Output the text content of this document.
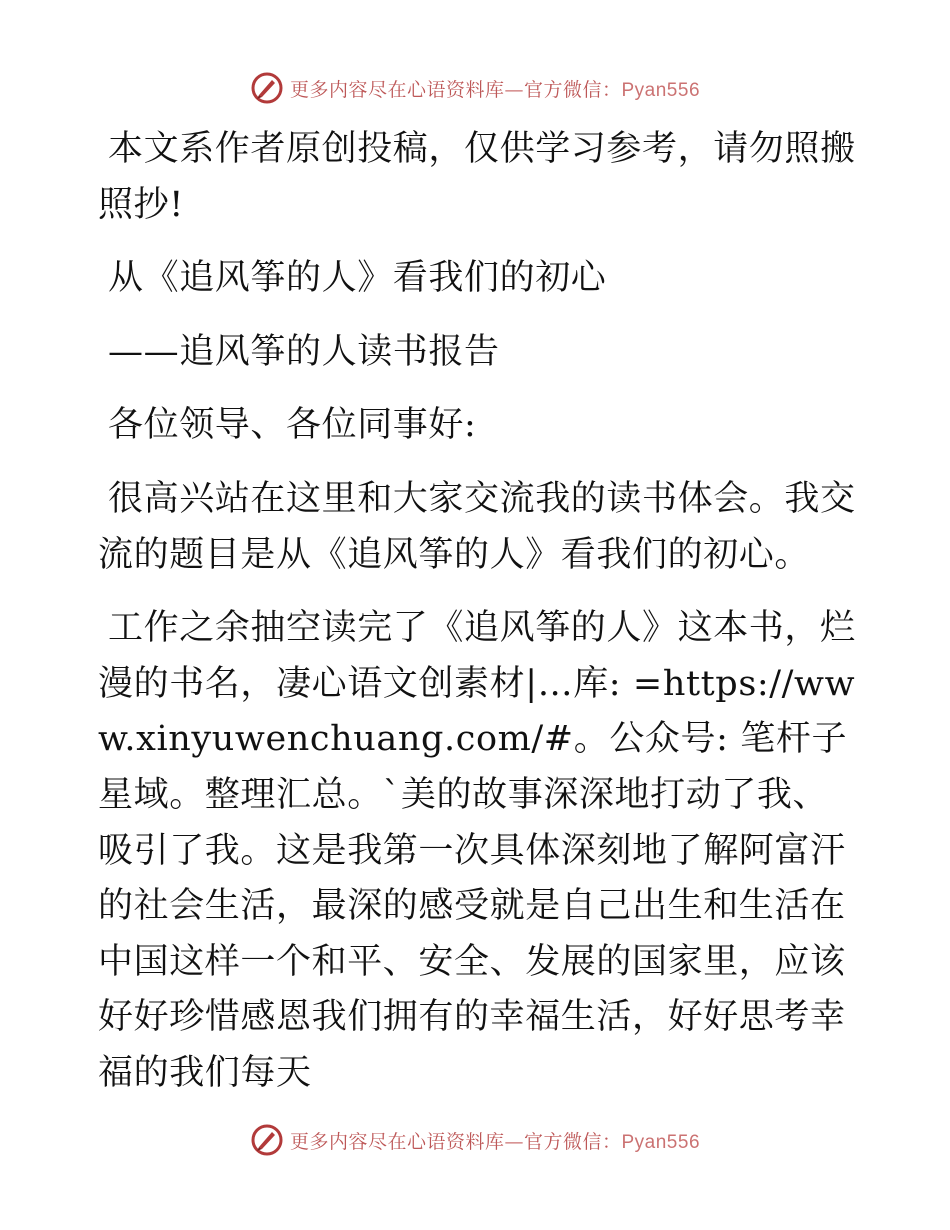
更多内容尽在心语资料库—官方微信：Pyan556

本文系作者原创投稿，仅供学习参考，请勿照搬照抄!

从《追风筝的人》看我们的初心

——追风筝的人读书报告

各位领导、各位同事好:

很高兴站在这里和大家交流我的读书体会。我交流的题目是从《追风筝的人》看我们的初心。

工作之余抽空读完了《追风筝的人》这本书，烂漫的书名，凄心语文创素材|…库: =https://www.xinyuwenchuang.com/#。公众号: 笔杆子星域。整理汇总。`美的故事深深地打动了我、吸引了我。这是我第一次具体深刻地了解阿富汗的社会生活，最深的感受就是自己出生和生活在中国这样一个和平、安全、发展的国家里，应该好好珍惜感恩我们拥有的幸福生活，好好思考幸福的我们每天

更多内容尽在心语资料库—官方微信：Pyan556
